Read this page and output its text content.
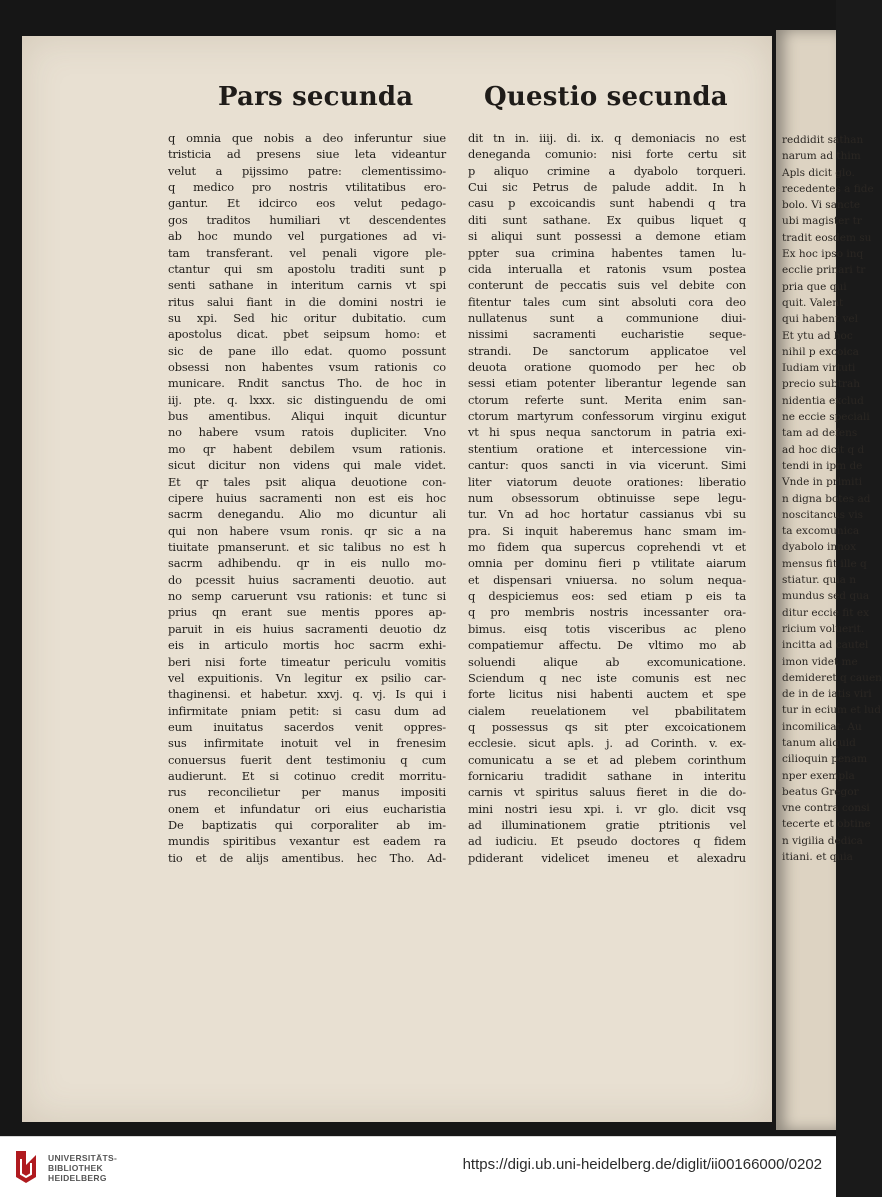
reddidit sathan

narum ad thim

Apls dicit glo.

recedentes a fide

bolo. Vi sancte

ubi magister tr

tradit eosdem su

Ex hoc ipso inq

ecclie prinari tr

pria que qui

quit. Valent

qui habent vel

Et ytu ad hoc

nihil p excoica

Iudiam virtuti

precio subtrah

nidentia exclud

ne eccie speciali

tam ad defens

ad hoc dicit q d

tendi in ipm de

Vnde in primiti

n digna botes ad

noscitancus vis

ta excomunica

dyabolo innox

mensus fit ille q

stiatur. quia n

mundus sed qua

ditur eccie fit ex

ricium voluerit.

incitta ad cautel

imon videt me

demideret q cauen

de in de iatis viri

tur in ecium et lud

incomilicat. Au

tanum aliquid

cilioquin penam

nper exempla

beatus Gregor

vne contra consi

tecerte et obtine

n vigilia dedica

itiani. et quia

Pars secunda	Questio secunda
q omnia que nobis a deo inferuntur siue
tristicia ad presens siue leta videantur
velut a pijssimo patre: clementissimo-
q medico pro nostris vtilitatibus ero-
gantur. Et idcirco eos velut pedago-
gos traditos humiliari vt descendentes
ab hoc mundo vel purgationes ad vi-
tam transferant. vel penali vigore ple-
ctantur qui sm apostolu traditi sunt p
senti sathane in interitum carnis vt spi
ritus salui fiant in die domini nostri ie
su xpi. Sed hic oritur dubitatio. cum
apostolus dicat. pbet seipsum homo: et
sic de pane illo edat. quomo possunt
obsessi non habentes vsum rationis co
municare. Rndit sanctus Tho. de hoc in
iij. pte. q. lxxx. sic distinguendu de omi
bus amentibus. Aliqui inquit dicuntur
no habere vsum ratois dupliciter. Vno
mo qr habent debilem vsum rationis.
sicut dicitur non videns qui male videt.
Et qr tales psit aliqua deuotione con-
cipere huius sacramenti non est eis hoc
sacrm denegandu. Alio mo dicuntur ali
qui non habere vsum ronis. qr sic a na
tiuitate pmanserunt. et sic talibus no est h
sacrm adhibendu. qr in eis nullo mo-
do pcessit huius sacramenti deuotio. aut
no semp caruerunt vsu rationis: et tunc si
prius qn erant sue mentis ppores ap-
paruit in eis huius sacramenti deuotio dz
eis in articulo mortis hoc sacrm exhi-
beri nisi forte timeatur periculu vomitis
vel expuitionis. Vn legitur ex psilio car-
thaginensi. et habetur. xxvj. q. vj. Is qui i
infirmitate pniam petit: si casu dum ad
eum inuitatus sacerdos venit oppres-
sus infirmitate inotuit vel in frenesim
conuersus fuerit dent testimoniu q cum
audierunt. Et si cotinuo credit morritu-
rus reconcilietur per manus impositi
onem et infundatur ori eius eucharistia
De baptizatis qui corporaliter ab im-
mundis spiritibus vexantur est eadem ra
tio et de alijs amentibus. hec Tho. Ad-
dit tn in. iiij. di. ix. q demoniacis no est
deneganda comunio: nisi forte certu sit
p aliquo crimine a dyabolo torqueri.
Cui sic Petrus de palude addit. In h
casu p excoicandis sunt habendi q tra
diti sunt sathane. Ex quibus liquet q
si aliqui sunt possessi a demone etiam
ppter sua crimina habentes tamen lu-
cida interualla et ratonis vsum postea
conterunt de peccatis suis vel debite con
fitentur tales cum sint absoluti cora deo
nullatenus sunt a communione diui-
nissimi sacramenti eucharistie seque-
strandi. De sanctorum applicatoe vel
deuota oratione quomodo per hec ob
sessi etiam potenter liberantur legende san
ctorum referte sunt. Merita enim san-
ctorum martyrum confessorum virginu exigut
vt hi spus nequa sanctorum in patria exi-
stentium oratione et intercessione vin-
cantur: quos sancti in via vicerunt. Simi
liter viatorum deuote orationes: liberatio
num obsessorum obtinuisse sepe legu-
tur. Vn ad hoc hortatur cassianus vbi su
pra. Si inquit haberemus hanc smam im-
mo fidem qua supercus coprehendi vt et
omnia per dominu fieri p vtilitate aiarum
et dispensari vniuersa. no solum nequa-
q despiciemus eos: sed etiam p eis ta
q pro membris nostris incessanter ora-
bimus. eisq totis visceribus ac pleno
compatiemur affectu. De vltimo mo ab
soluendi alique ab excomunicatione.
Sciendum q nec iste comunis est nec
forte licitus nisi habenti auctem et spe
cialem reuelationem vel pbabilitatem
q possessus qs sit pter excoicationem
ecclesie. sicut apls. j. ad Corinth. v. ex-
comunicatu a se et ad plebem corinthum
fornicariu tradidit sathane in interitu
carnis vt spiritus saluus fieret in die do-
mini nostri iesu xpi. i. vr glo. dicit vsq
ad illuminationem gratie ptritionis vel
ad iudiciu. Et pseudo doctores q fidem
pdiderant videlicet imeneu et alexadru
UNIVERSITÄTS-
BIBLIOTHEK
HEIDELBERG
https://digi.ub.uni-heidelberg.de/diglit/ii00166000/0202
